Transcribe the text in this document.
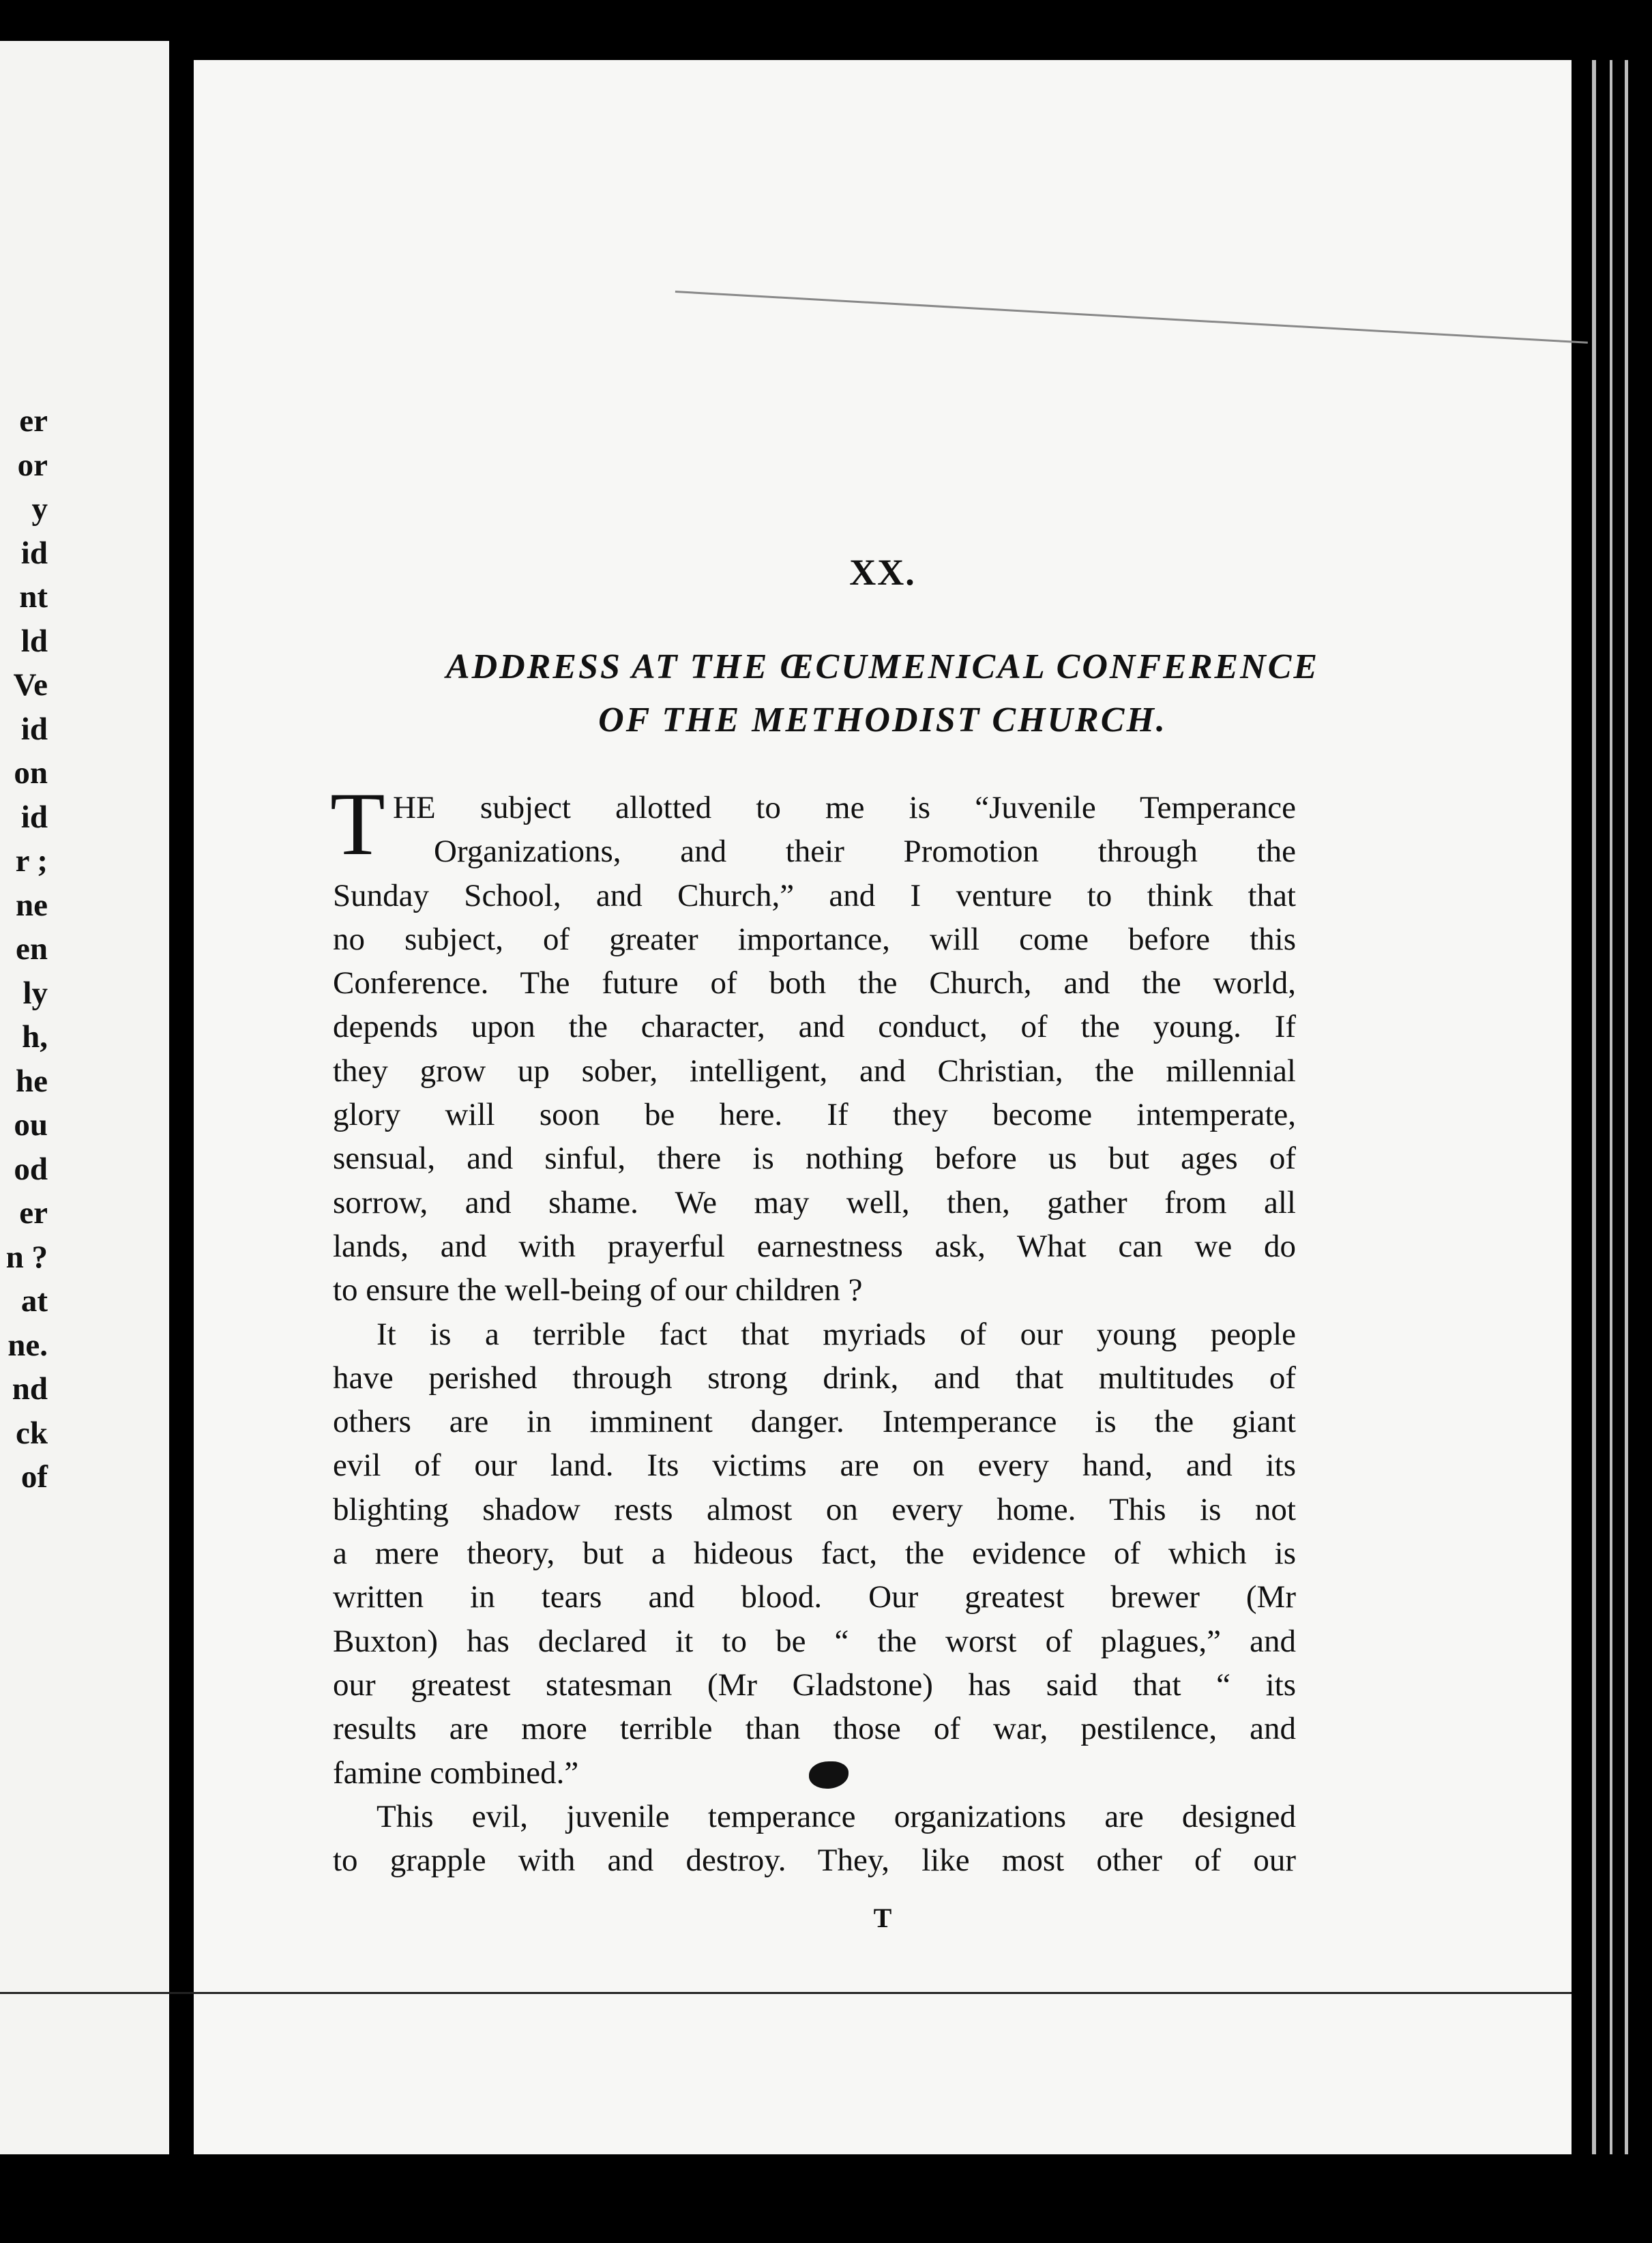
er
or
y
id
nt
ld
Ve
id
on
id
r ;
ne
en
ly
h,
he
ou
od
er
n ?
at
ne.
nd
ck
of
XX.
ADDRESS AT THE ŒCUMENICAL CONFERENCE
OF THE METHODIST CHURCH.
T HE subject allotted to me is “Juvenile Temperance
Organizations, and their Promotion through the
Sunday School, and Church,” and I venture to think that
no subject, of greater importance, will come before this
Conference. The future of both the Church, and the world,
depends upon the character, and conduct, of the young. If
they grow up sober, intelligent, and Christian, the millennial
glory will soon be here. If they become intemperate,
sensual, and sinful, there is nothing before us but ages of
sorrow, and shame. We may well, then, gather from all
lands, and with prayerful earnestness ask, What can we do
to ensure the well-being of our children ?
It is a terrible fact that myriads of our young people
have perished through strong drink, and that multitudes of
others are in imminent danger. Intemperance is the giant
evil of our land. Its victims are on every hand, and its
blighting shadow rests almost on every home. This is not
a mere theory, but a hideous fact, the evidence of which is
written in tears and blood. Our greatest brewer (Mr
Buxton) has declared it to be “ the worst of plagues,” and
our greatest statesman (Mr Gladstone) has said that “ its
results are more terrible than those of war, pestilence, and
famine combined.”
This evil, juvenile temperance organizations are designed
to grapple with and destroy. They, like most other of our
T
